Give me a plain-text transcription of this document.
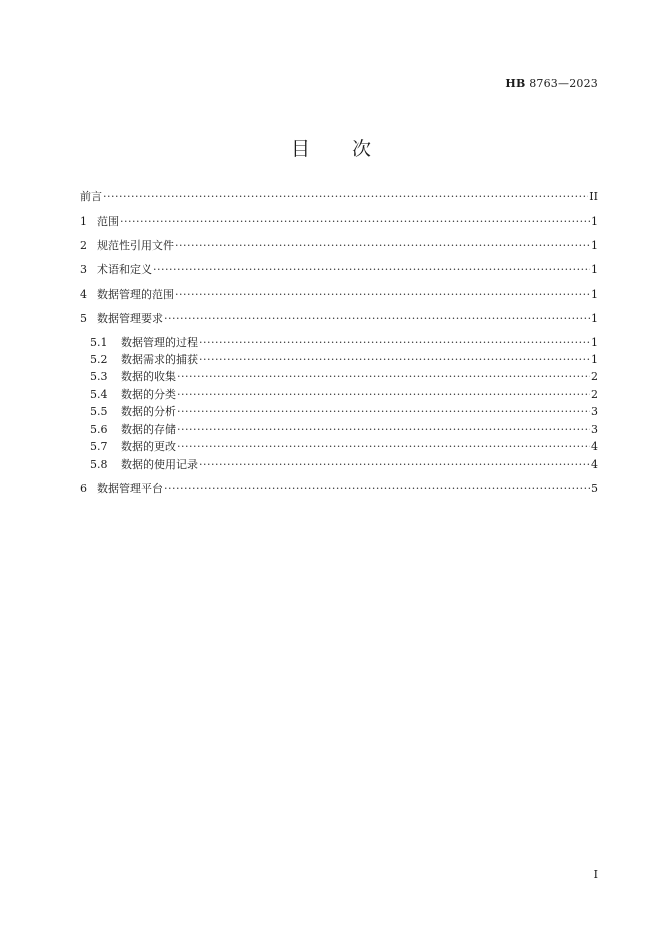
HB 8763—2023
目 次
前言 ·····	II
1 范围 ·····	1
2 规范性引用文件 ·····	1
3 术语和定义 ·····	1
4 数据管理的范围 ·····	1
5 数据管理要求 ·····	1
5.1	数据管理的过程 ·····	1
5.2	数据需求的捕获 ·····	1
5.3	数据的收集 ·····	2
5.4	数据的分类 ·····	2
5.5	数据的分析 ·····	3
5.6	数据的存储 ·····	3
5.7	数据的更改 ·····	4
5.8	数据的使用记录 ·····	4
6 数据管理平台 ·····	5
I
